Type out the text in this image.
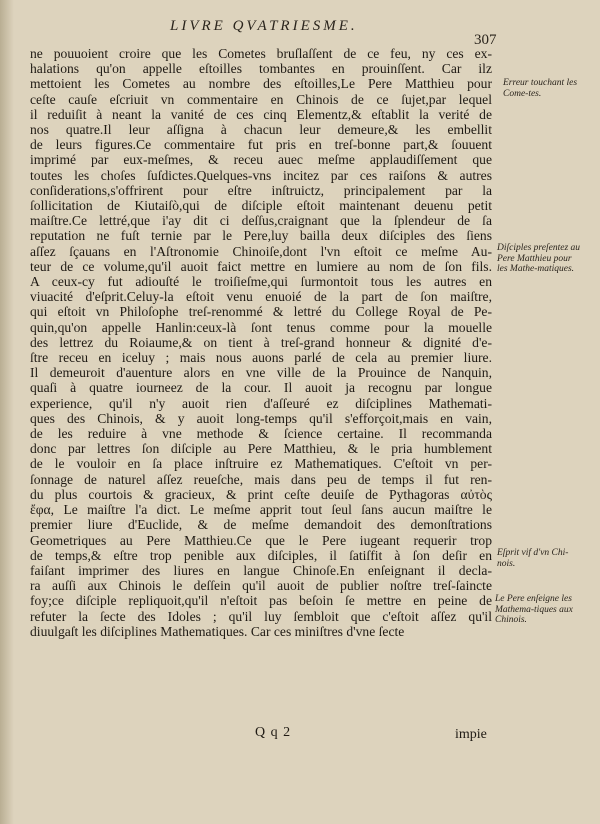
LIVRE QVATRIESME.
307
ne pouuoient croire que les Cometes bruſlaſſent de ce feu, ny ces ex-
halations qu'on appelle eſtoilles tombantes en prouinſſent. Car ilz
mettoient les Cometes au nombre des eſtoilles,Le Pere Matthieu pour
ceſte cauſe eſcriuit vn commentaire en Chinois de ce ſujet,par lequel
il reduiſit à neant la vanité de ces cinq Elementz,& eſtablit la verité de
nos quatre.Il leur aſſigna à chacun leur demeure,& les embellit
de leurs figures.Ce commentaire fut pris en treſ-bonne part,& ſouuent
imprimé par eux-meſmes, & receu auec meſme applaudiſſement que
toutes les choſes ſuſdictes.Quelques-vns incitez par ces raiſons & autres
conſiderations,s'offrirent pour eſtre inſtruictz, principalement par la
ſollicitation de Kiutaiſò,qui de diſciple eſtoit maintenant deuenu petit
maiſtre.Ce lettré,que i'ay dit ci deſſus,craignant que la ſplendeur de ſa
reputation ne fuſt ternie par le Pere,luy bailla deux diſciples des ſiens
aſſez ſçauans en l'Aſtronomie Chinoiſe,dont l'vn eſtoit ce meſme Au-
teur de ce volume,qu'il auoit faict mettre en lumiere au nom de ſon fils.
A ceux-cy fut adiouſté le troiſieſme,qui ſurmontoit tous les autres en
viuacité d'eſprit.Celuy-la eſtoit venu enuoié de la part de ſon maiſtre,
qui eſtoit vn Philoſophe treſ-renommé & lettré du College Royal de Pe-
quin,qu'on appelle Hanlin:ceux-là ſont tenus comme pour la mouelle
des lettrez du Roiaume,& on tient à treſ-grand honneur & dignité d'e-
ſtre receu en iceluy ; mais nous auons parlé de cela au premier liure.
Il demeuroit d'auenture alors en vne ville de la Prouince de Nanquin,
quaſi à quatre iourneez de la cour. Il auoit ja recognu par longue
experience, qu'il n'y auoit rien d'aſſeuré ez diſciplines Mathemati-
ques des Chinois, & y auoit long-temps qu'il s'efforçoit,mais en vain,
de les reduire à vne methode & ſcience certaine. Il recommanda
donc par lettres ſon diſciple au Pere Matthieu, & le pria humblement
de le vouloir en ſa place inſtruire ez Mathematiques. C'eſtoit vn per-
ſonnage de naturel aſſez reueſche, mais dans peu de temps il fut ren-
du plus courtois & gracieux, & print ceſte deuiſe de Pythagoras αὐτὸς
ἔφα, Le maiſtre l'a dict. Le meſme apprit tout ſeul ſans aucun maiſtre le
premier liure d'Euclide, & de meſme demandoit des demonſtrations
Geometriques au Pere Matthieu.Ce que le Pere iugeant requerir trop
de temps,& eſtre trop penible aux diſciples, il ſatiſfit à ſon deſir en
faiſant imprimer des liures en langue Chinoſe.En enſeignant il decla-
ra auſſi aux Chinois le deſſein qu'il auoit de publier noſtre treſ-ſaincte
foy;ce diſciple repliquoit,qu'il n'eſtoit pas beſoin ſe mettre en peine de
refuter la ſecte des Idoles ; qu'il luy ſembloit que c'eſtoit aſſez qu'il
diuulgaſt les diſciplines Mathematiques. Car ces miniſtres d'vne ſecte
Erreur touchant les Come-tes.
Diſciples preſentez au Pere Matthieu pour les Mathe-matiques.
Eſprit vif d'vn Chi-nois.
Le Pere enſeigne les Mathema-tiques aux Chinois.
Q q 2	impie
